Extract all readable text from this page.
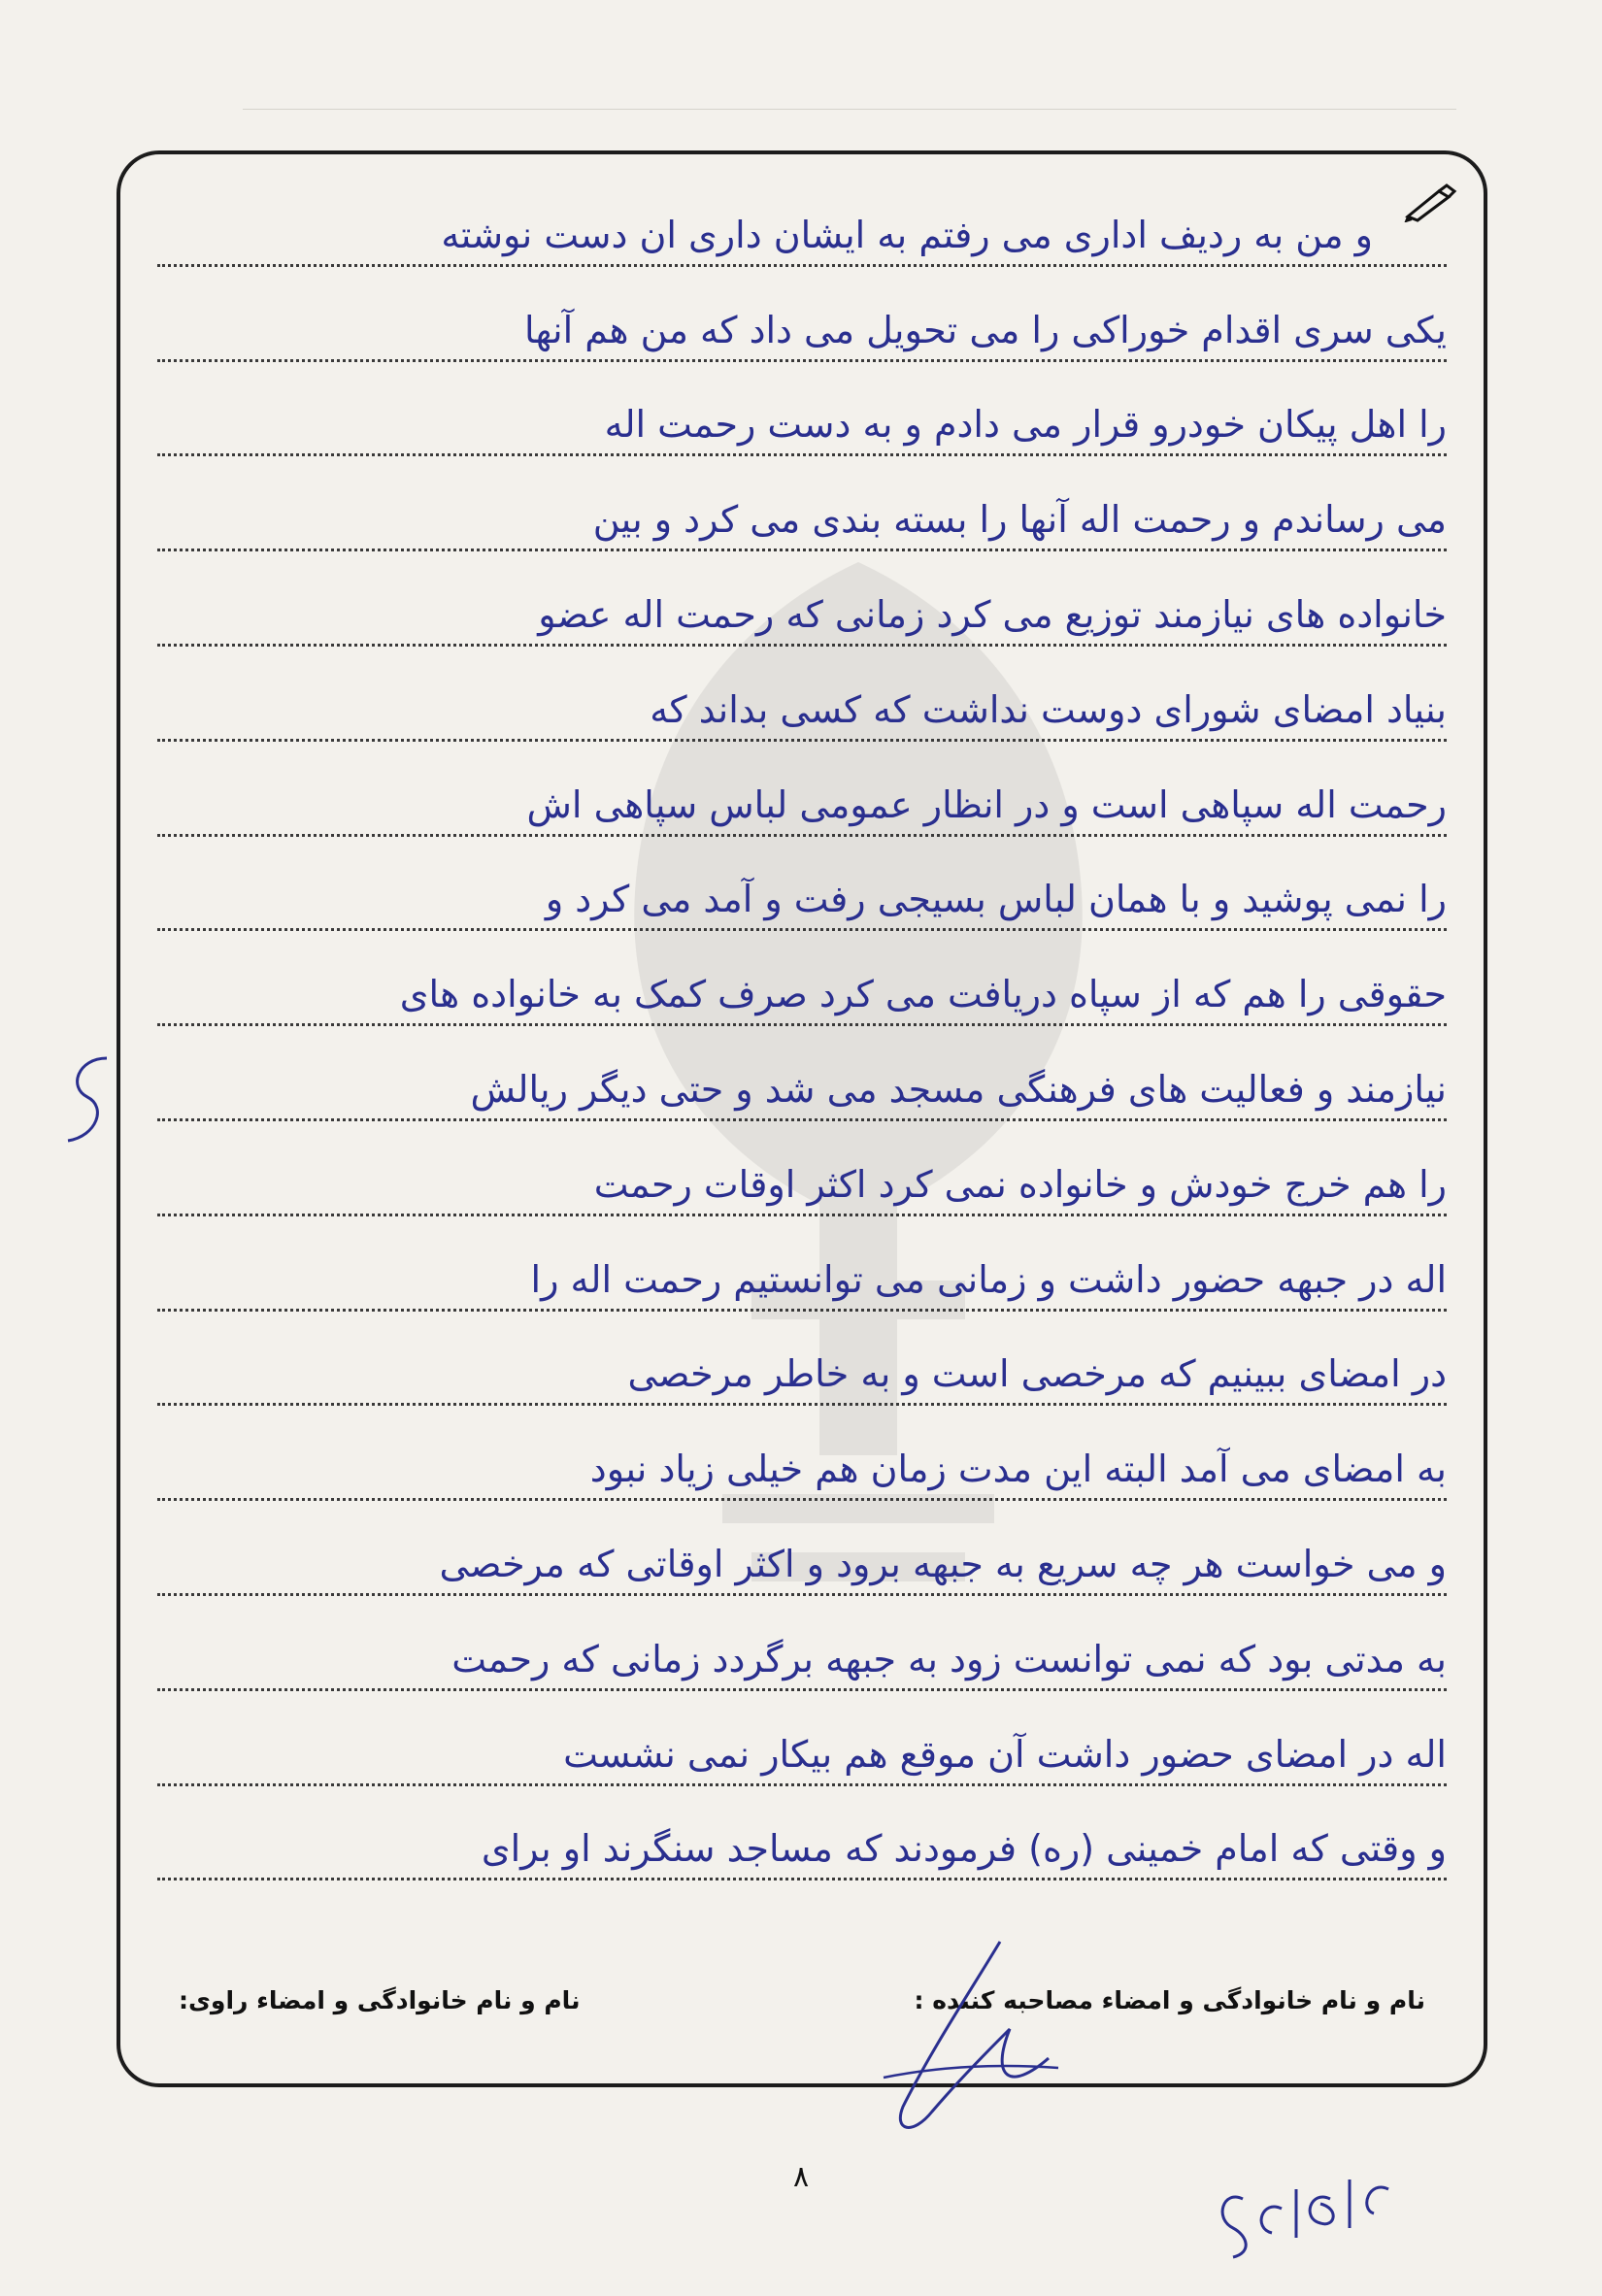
و من به ردیف اداری می رفتم به ایشان داری ان دست نوشته
یکی سری اقدام خوراکی را می تحویل می داد که من هم آنها
را اهل پیکان خودرو قرار می دادم و به دست رحمت اله
می رساندم و رحمت اله آنها را بسته بندی می کرد و بین
خانواده های نیازمند توزیع می کرد زمانی که رحمت اله عضو
بنیاد امضای شورای دوست نداشت که کسی بداند که
رحمت اله سپاهی است و در انظار عمومی لباس سپاهی اش
را نمی پوشید و با همان لباس بسیجی رفت و آمد می کرد و
حقوقی را هم که از سپاه دریافت می کرد صرف کمک به خانواده های
نیازمند و فعالیت های فرهنگی مسجد می شد و حتی دیگر ریالش
را هم خرج خودش و خانواده نمی کرد اکثر اوقات رحمت
اله در جبهه حضور داشت و زمانی می توانستیم رحمت اله را
در امضای ببینیم که مرخصی است و به خاطر مرخصی
به امضای می آمد البته این مدت زمان هم خیلی زیاد نبود
و می خواست هر چه سریع به جبهه برود و اکثر اوقاتی که مرخصی
به مدتی بود که نمی توانست زود به جبهه برگردد زمانی که رحمت
اله در امضای حضور داشت آن موقع هم بیکار نمی نشست
و وقتی که امام خمینی (ره) فرمودند که مساجد سنگرند او برای
نام و نام خانوادگی و امضاء مصاحبه کننده :
نام و نام خانوادگی و امضاء راوی:
۸
